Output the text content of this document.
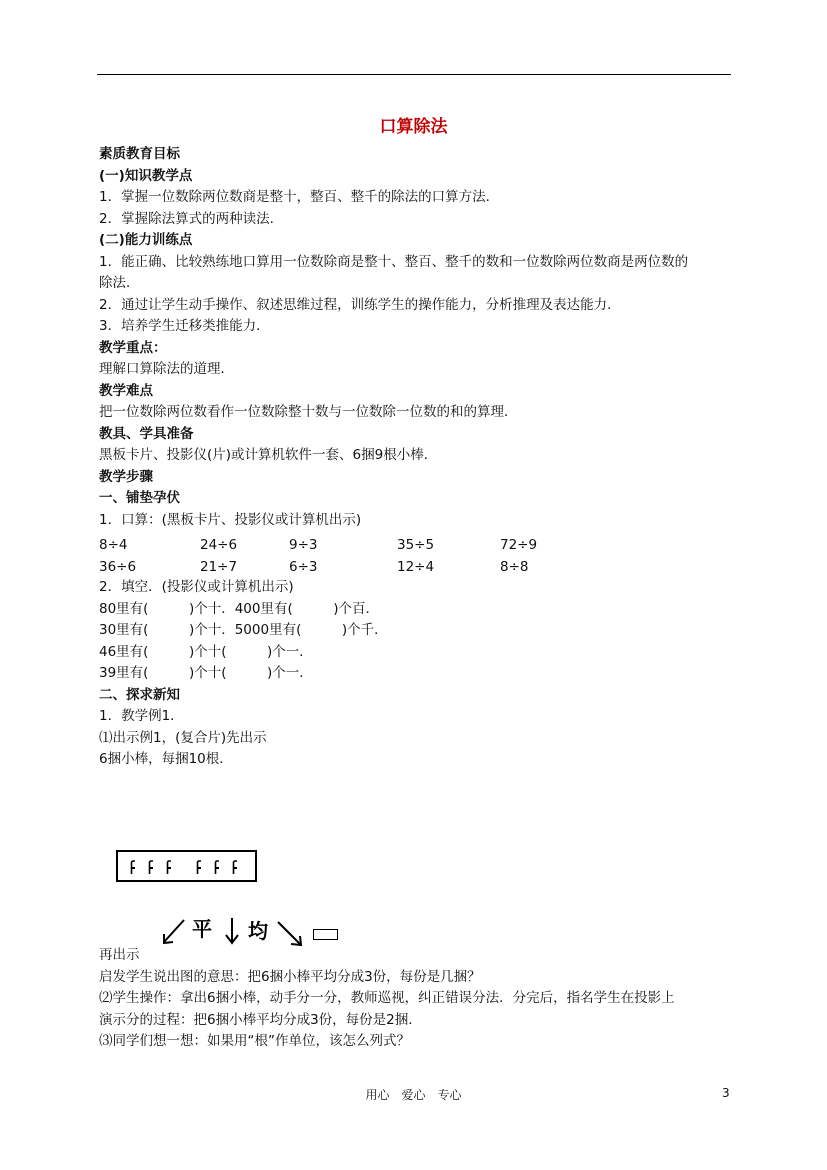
口算除法
素质教育目标
(一)知识教学点
1．掌握一位数除两位数商是整十，整百、整千的除法的口算方法．
2．掌握除法算式的两种读法．
(二)能力训练点
1．能正确、比较熟练地口算用一位数除商是整十、整百、整千的数和一位数除两位数商是两位数的
除法．
2．通过让学生动手操作、叙述思维过程，训练学生的操作能力，分析推理及表达能力．
3．培养学生迁移类推能力．
教学重点：
理解口算除法的道理．
教学难点
把一位数除两位数看作一位数除整十数与一位数除一位数的和的算理．
教具、学具准备
黑板卡片、投影仪(片)或计算机软件一套、6捆9根小棒．
教学步骤
一、铺垫孕伏
1．口算：(黑板卡片、投影仪或计算机出示)
8÷4	24÷6	9÷3	35÷5	72÷9
36÷6	21÷7	6÷3	12÷4	8÷8
2．填空．(投影仪或计算机出示)
80里有(　　　)个十．400里有(　　　)个百．
30里有(　　　)个十．5000里有(　　　)个千．
46里有(　　　)个十(　　　)个一．
39里有(　　　)个十(　　　)个一．
二、探求新知
1．教学例1．
⑴出示例1，(复合片)先出示
6捆小棒，每捆10根．
平 均
再出示
启发学生说出图的意思：把6捆小棒平均分成3份，每份是几捆？
⑵学生操作：拿出6捆小棒，动手分一分，教师巡视，纠正错误分法．分完后，指名学生在投影上
演示分的过程：把6捆小棒平均分成3份，每份是2捆．
⑶同学们想一想：如果用“根”作单位，该怎么列式？
用心　爱心　专心	3
